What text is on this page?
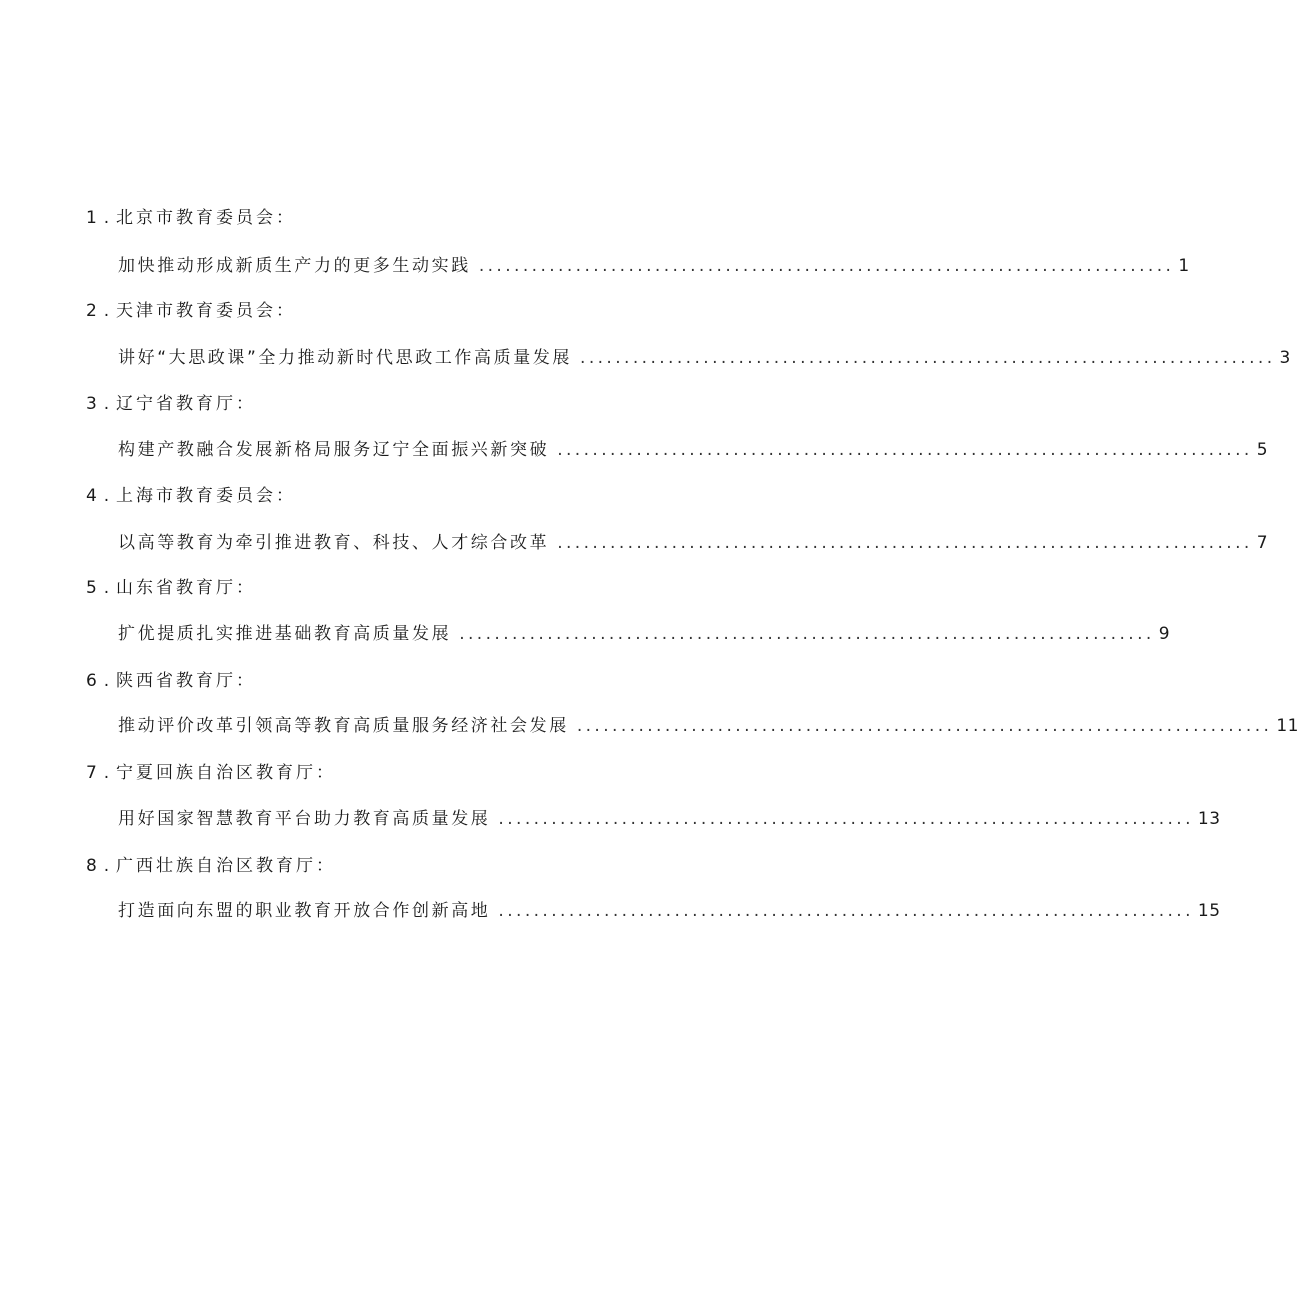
1 . 北京市教育委员会：
加快推动形成新质生产力的更多生动实践 ............................................................................... 1
2 . 天津市教育委员会：
讲好“大思政课”全力推动新时代思政工作高质量发展 ............................................................................... 3
3 . 辽宁省教育厅：
构建产教融合发展新格局服务辽宁全面振兴新突破 ............................................................................... 5
4 . 上海市教育委员会：
以高等教育为牵引推进教育、科技、人才综合改革 ............................................................................... 7
5 . 山东省教育厅：
扩优提质扎实推进基础教育高质量发展 ............................................................................... 9
6 . 陕西省教育厅：
推动评价改革引领高等教育高质量服务经济社会发展 ............................................................................... 11
7 . 宁夏回族自治区教育厅：
用好国家智慧教育平台助力教育高质量发展 ............................................................................... 13
8 . 广西壮族自治区教育厅：
打造面向东盟的职业教育开放合作创新高地 ............................................................................... 15
